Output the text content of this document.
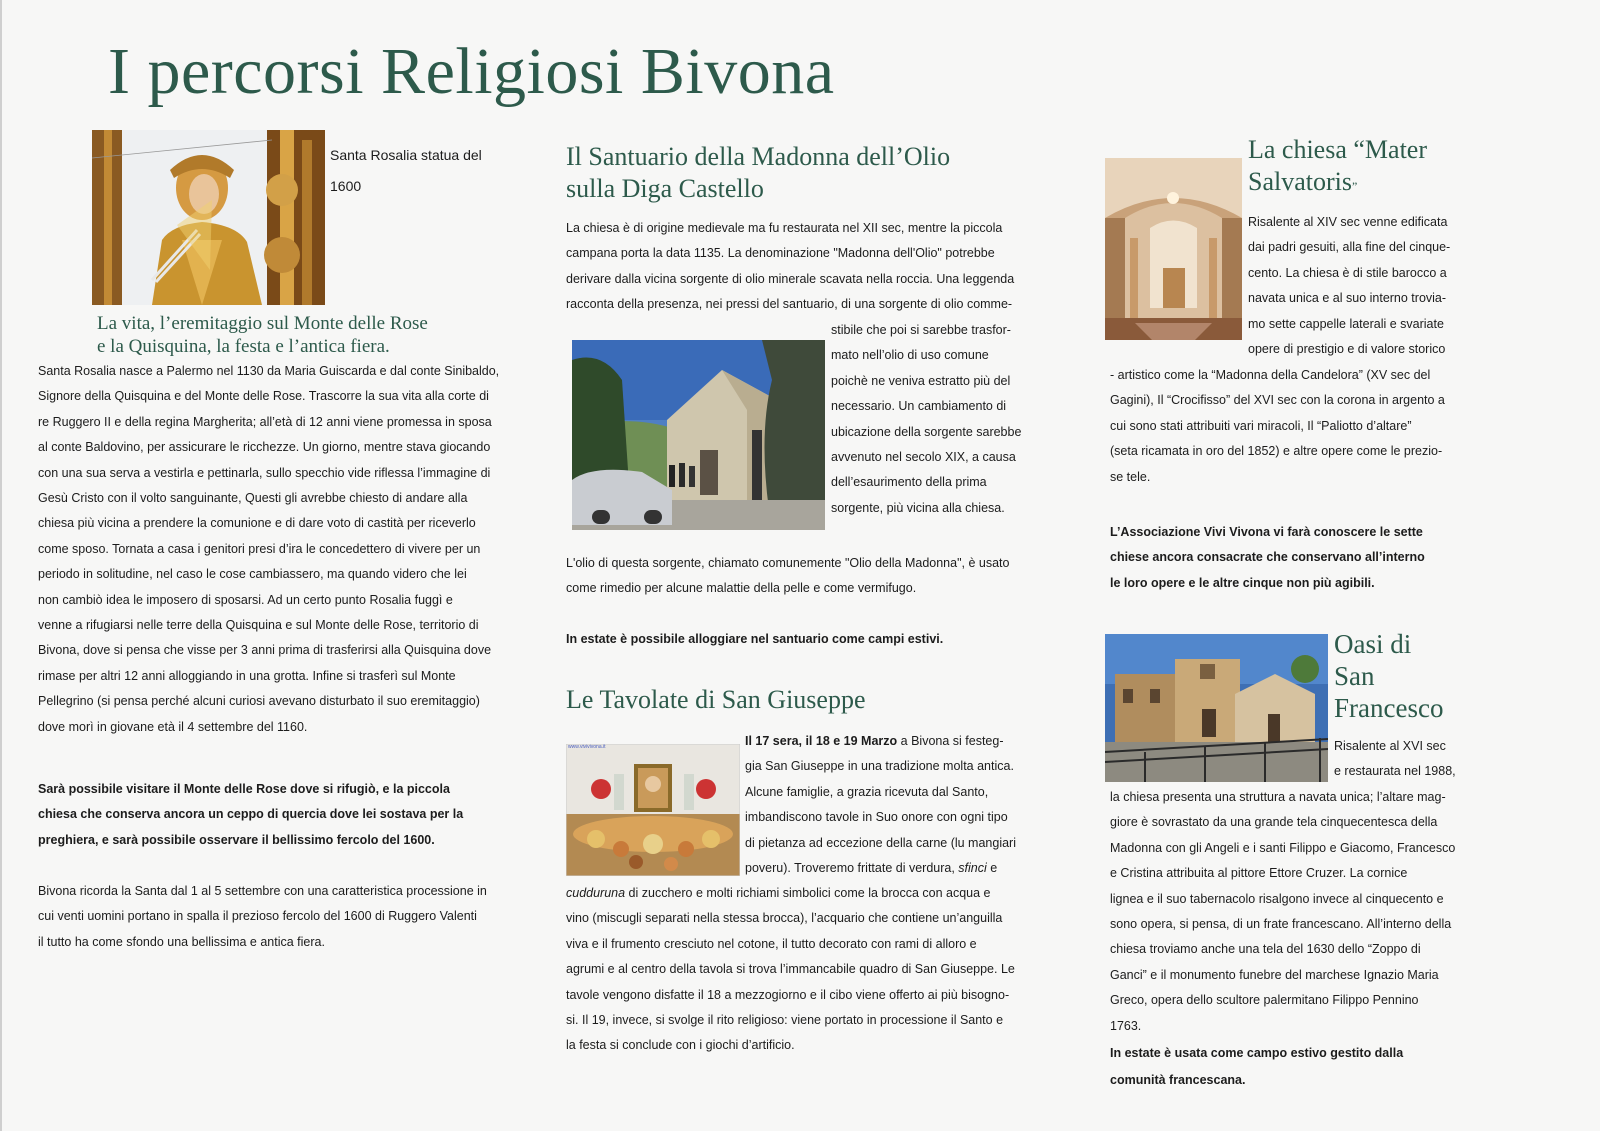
I percorsi Religiosi Bivona
Santa Rosalia statua del
1600
La vita, l’eremitaggio sul Monte delle Rose
e la Quisquina, la festa e l’antica fiera.
Santa Rosalia nasce a Palermo nel 1130 da Maria Guiscarda e dal conte Sinibaldo,
Signore della Quisquina e del Monte delle Rose. Trascorre la sua vita alla corte di
re Ruggero II e della regina Margherita; all’età di 12 anni viene promessa in sposa
al conte Baldovino, per assicurare le ricchezze. Un giorno, mentre stava giocando
con una sua serva a vestirla e pettinarla, sullo specchio vide riflessa l’immagine di
Gesù Cristo con il volto sanguinante, Questi gli avrebbe chiesto di andare alla
chiesa più vicina a prendere la comunione e di dare voto di castità per riceverlo
come sposo. Tornata a casa i genitori presi d’ira le concedettero di vivere per un
periodo in solitudine, nel caso le cose cambiassero, ma quando videro che lei
non cambiò idea le imposero di sposarsi. Ad un certo punto Rosalia fuggì e
venne a rifugiarsi nelle terre della Quisquina e sul Monte delle Rose, territorio di
Bivona, dove si pensa che visse per 3 anni prima di trasferirsi alla Quisquina dove
rimase per altri 12 anni alloggiando in una grotta. Infine si trasferì sul Monte
Pellegrino (si pensa perché alcuni curiosi avevano disturbato il suo eremitaggio)
dove morì in giovane età il 4 settembre del 1160.
Sarà possibile visitare il Monte delle Rose dove si rifugiò, e la piccola
chiesa che conserva ancora un ceppo di quercia dove lei sostava per la
preghiera, e sarà possibile osservare il bellissimo fercolo del 1600.
Bivona ricorda la Santa dal 1 al 5 settembre con una caratteristica processione in
cui venti uomini portano in spalla il prezioso fercolo del 1600 di Ruggero Valenti
il tutto ha come sfondo una bellissima e antica fiera.
Il Santuario della Madonna dell’Olio
sulla Diga Castello
La chiesa è di origine medievale ma fu restaurata nel XII sec, mentre la piccola
campana porta la data 1135. La denominazione "Madonna dell'Olio" potrebbe
derivare dalla vicina sorgente di olio minerale scavata nella roccia. Una leggenda
racconta della presenza, nei pressi del santuario, di una sorgente di olio comme-
stibile che poi si sarebbe trasfor-
mato nell’olio di uso comune
poichè ne veniva estratto più del
necessario. Un cambiamento di
ubicazione della sorgente sarebbe
avvenuto nel secolo XIX, a causa
dell’esaurimento della prima
sorgente, più vicina alla chiesa.
L'olio di questa sorgente, chiamato comunemente "Olio della Madonna", è usato
come rimedio per alcune malattie della pelle e come vermifugo.
In estate è possibile alloggiare nel santuario come campi estivi.
Le Tavolate di San Giuseppe
www.vivivivona.it	Il 17 sera, il 18 e 19 Marzo a Bivona si festeg-
gia San Giuseppe in una tradizione molta antica.
Alcune famiglie, a grazia ricevuta dal Santo,
imbandiscono tavole in Suo onore con ogni tipo
di pietanza ad eccezione della carne (lu mangiari
poveru). Troveremo frittate di verdura, sfinci e
cudduruna di zucchero e molti richiami simbolici come la brocca con acqua e
vino (miscugli separati nella stessa brocca), l’acquario che contiene un’anguilla
viva e il frumento cresciuto nel cotone, il tutto decorato con rami di alloro e
agrumi e al centro della tavola si trova l’immancabile quadro di San Giuseppe. Le
tavole vengono disfatte il 18 a mezzogiorno e il cibo viene offerto ai più bisogno-
si. Il 19, invece, si svolge il rito religioso: viene portato in processione il Santo e
la festa si conclude con i giochi d’artificio.
La chiesa “Mater
Salvatoris”
Risalente al XIV sec venne edificata
dai padri gesuiti, alla fine del cinque-
cento. La chiesa è di stile barocco a
navata unica e al suo interno trovia-
mo sette cappelle laterali e svariate
opere di prestigio e di valore storico
- artistico come la “Madonna della Candelora” (XV sec del
Gagini), Il “Crocifisso” del XVI sec con la corona in argento a
cui sono stati attribuiti vari miracoli, Il “Paliotto d’altare”
(seta ricamata in oro del 1852) e altre opere come le prezio-
se tele.
L’Associazione Vivi Vivona vi farà conoscere le sette
chiese ancora consacrate che conservano all’interno
le loro opere e le altre cinque non più agibili.
Oasi di
San
Francesco
Risalente al XVI sec
e restaurata nel 1988,
la chiesa presenta una struttura a navata unica; l’altare mag-
giore è sovrastato da una grande tela cinquecentesca della
Madonna con gli Angeli e i santi Filippo e Giacomo, Francesco
e Cristina attribuita al pittore Ettore Cruzer. La cornice
lignea e il suo tabernacolo risalgono invece al cinquecento e
sono opera, si pensa, di un frate francescano. All’interno della
chiesa troviamo anche una tela del 1630 dello “Zoppo di
Ganci” e il monumento funebre del marchese Ignazio Maria
Greco, opera dello scultore palermitano Filippo Pennino
1763.
In estate è usata come campo estivo gestito dalla
comunità francescana.
